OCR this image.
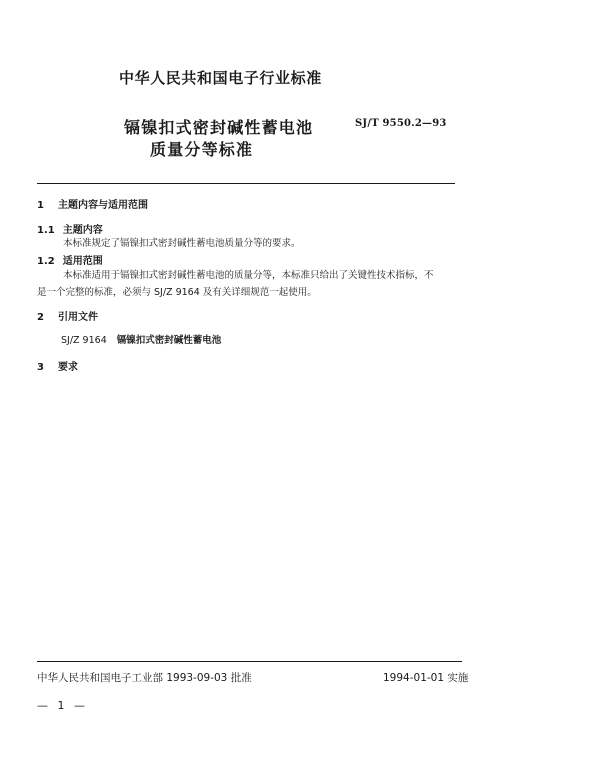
中华人民共和国电子行业标准
镉镍扣式密封碱性蓄电池
质量分等标准
SJ/T 9550.2—93
1 主题内容与适用范围
1.1 主题内容
本标准规定了镉镍扣式密封碱性蓄电池质量分等的要求。
1.2 适用范围
本标准适用于镉镍扣式密封碱性蓄电池的质量分等，本标准只给出了关键性技术指标，不
是一个完整的标准，必须与 SJ/Z 9164 及有关详细规范一起使用。
2 引用文件
SJ/Z 9164 镉镍扣式密封碱性蓄电池
3 要求
中华人民共和国电子工业部 1993-09-03 批准	1994-01-01 实施
— 1 —
